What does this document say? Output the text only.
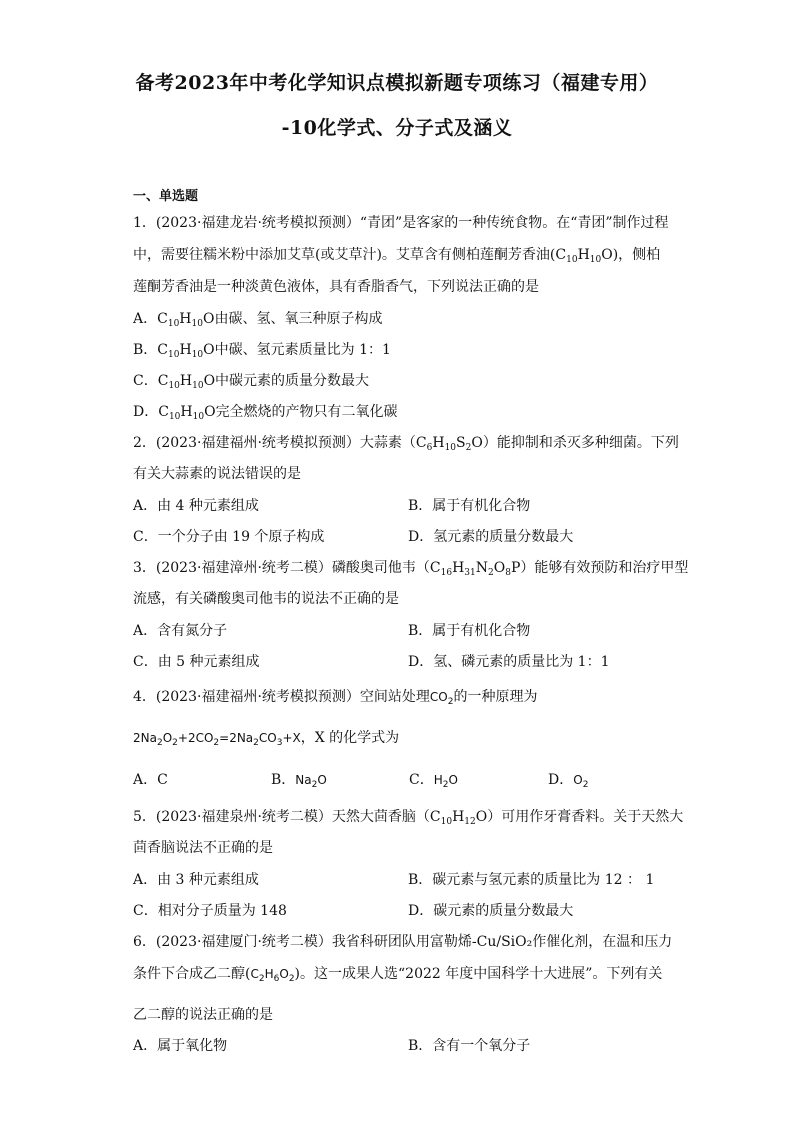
备考2023年中考化学知识点模拟新题专项练习（福建专用）
-10化学式、分子式及涵义
一、单选题
1．(2023·福建龙岩·统考模拟预测）“青团”是客家的一种传统食物。在“青团”制作过程
中，需要往糯米粉中添加艾草(或艾草汁)。艾草含有侧柏莲酮芳香油$(C_{10}H_{10}O)$，侧柏
莲酮芳香油是一种淡黄色液体，具有香脂香气，下列说法正确的是
A．$C_{10}H_{10}O$由碳、氢、氧三种原子构成
B．$C_{10}H_{10}O$中碳、氢元素质量比为 1：1
C．$C_{10}H_{10}O$中碳元素的质量分数最大
D．$C_{10}H_{10}O$完全燃烧的产物只有二氧化碳
2．(2023·福建福州·统考模拟预测）大蒜素$(C_6H_{10}S_2O)$能抑制和杀灭多种细菌。下列
有关大蒜素的说法错误的是
A．由 4 种元素组成	B．属于有机化合物
C．一个分子由 19 个原子构成	D．氢元素的质量分数最大
3．(2023·福建漳州·统考二模）磷酸奥司他韦$(C_{16}H_{31}N_2O_8P)$能够有效预防和治疗甲型
流感，有关磷酸奥司他韦的说法不正确的是
A．含有氮分子	B．属于有机化合物
C．由 5 种元素组成	D．氢、磷元素的质量比为 1：1
4．(2023·福建福州·统考模拟预测）空间站处理$CO_2$的一种原理为
$2Na_2O_2+2CO_2=2Na_2CO_3+X$，X 的化学式为
A．C	B．$Na_2O$	C．$H_2O$	D．$O_2$
5．(2023·福建泉州·统考二模）天然大茴香脑$(C_{10}H_{12}O)$可用作牙膏香料。关于天然大
茴香脑说法不正确的是
A．由 3 种元素组成	B．碳元素与氢元素的质量比为 12 ： 1
C．相对分子质量为 148	D．碳元素的质量分数最大
6．(2023·福建厦门·统考二模）我省科研团队用富勒烯-Cu/SiO₂作催化剂，在温和压力
条件下合成乙二醇$(C_2H_6O_2)$。这一成果人选“2022 年度中国科学十大进展”。下列有关
乙二醇的说法正确的是
A．属于氧化物	B．含有一个氧分子
